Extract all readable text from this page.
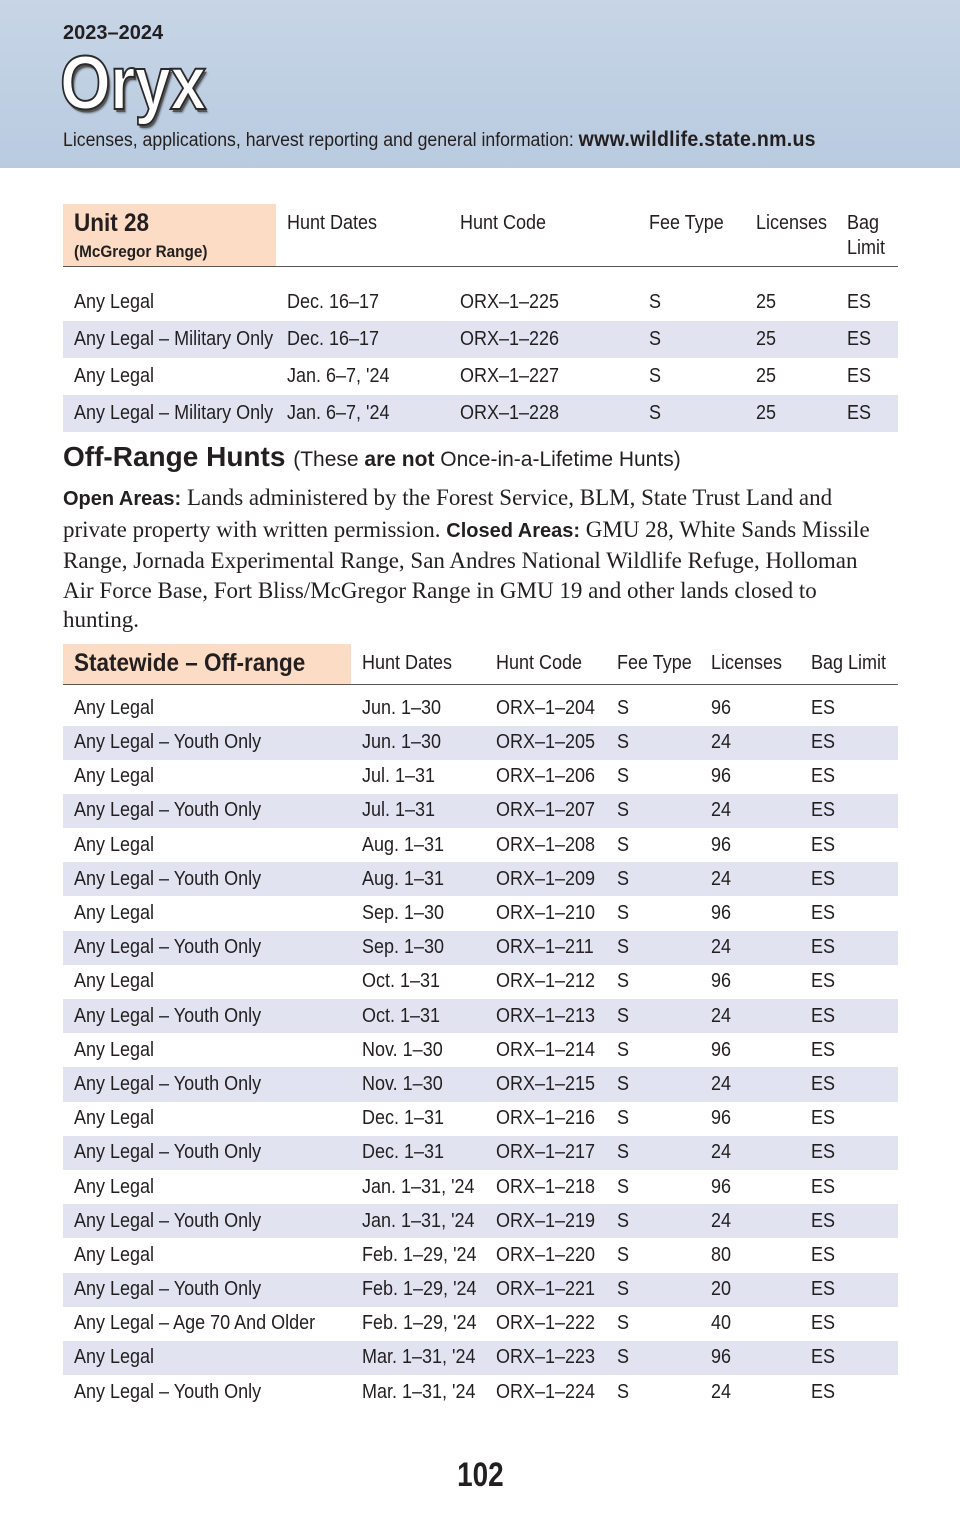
2023–2024
Oryx
Licenses, applications, harvest reporting and general information: www.wildlife.state.nm.us
Unit 28
(McGregor Range)	Hunt Dates	Hunt Code	Fee Type	Licenses	Bag Limit
Any Legal	Dec. 16–17	ORX–1–225	S	25	ES
Any Legal – Military Only	Dec. 16–17	ORX–1–226	S	25	ES
Any Legal	Jan. 6–7, '24	ORX–1–227	S	25	ES
Any Legal – Military Only	Jan. 6–7, '24	ORX–1–228	S	25	ES
Off-Range Hunts (These are not Once-in-a-Lifetime Hunts)
Open Areas: Lands administered by the Forest Service, BLM, State Trust Land and private property with written permission. Closed Areas: GMU 28, White Sands Missile Range, Jornada Experimental Range, San Andres National Wildlife Refuge, Holloman Air Force Base, Fort Bliss/McGregor Range in GMU 19 and other lands closed to hunting.
Statewide – Off-range	Hunt Dates	Hunt Code	Fee Type	Licenses	Bag Limit
Any Legal	Jun. 1–30	ORX–1–204	S	96	ES
Any Legal – Youth Only	Jun. 1–30	ORX–1–205	S	24	ES
Any Legal	Jul. 1–31	ORX–1–206	S	96	ES
Any Legal – Youth Only	Jul. 1–31	ORX–1–207	S	24	ES
Any Legal	Aug. 1–31	ORX–1–208	S	96	ES
Any Legal – Youth Only	Aug. 1–31	ORX–1–209	S	24	ES
Any Legal	Sep. 1–30	ORX–1–210	S	96	ES
Any Legal – Youth Only	Sep. 1–30	ORX–1–211	S	24	ES
Any Legal	Oct. 1–31	ORX–1–212	S	96	ES
Any Legal – Youth Only	Oct. 1–31	ORX–1–213	S	24	ES
Any Legal	Nov. 1–30	ORX–1–214	S	96	ES
Any Legal – Youth Only	Nov. 1–30	ORX–1–215	S	24	ES
Any Legal	Dec. 1–31	ORX–1–216	S	96	ES
Any Legal – Youth Only	Dec. 1–31	ORX–1–217	S	24	ES
Any Legal	Jan. 1–31, '24	ORX–1–218	S	96	ES
Any Legal – Youth Only	Jan. 1–31, '24	ORX–1–219	S	24	ES
Any Legal	Feb. 1–29, '24	ORX–1–220	S	80	ES
Any Legal – Youth Only	Feb. 1–29, '24	ORX–1–221	S	20	ES
Any Legal – Age 70 And Older	Feb. 1–29, '24	ORX–1–222	S	40	ES
Any Legal	Mar. 1–31, '24	ORX–1–223	S	96	ES
Any Legal – Youth Only	Mar. 1–31, '24	ORX–1–224	S	24	ES
102
